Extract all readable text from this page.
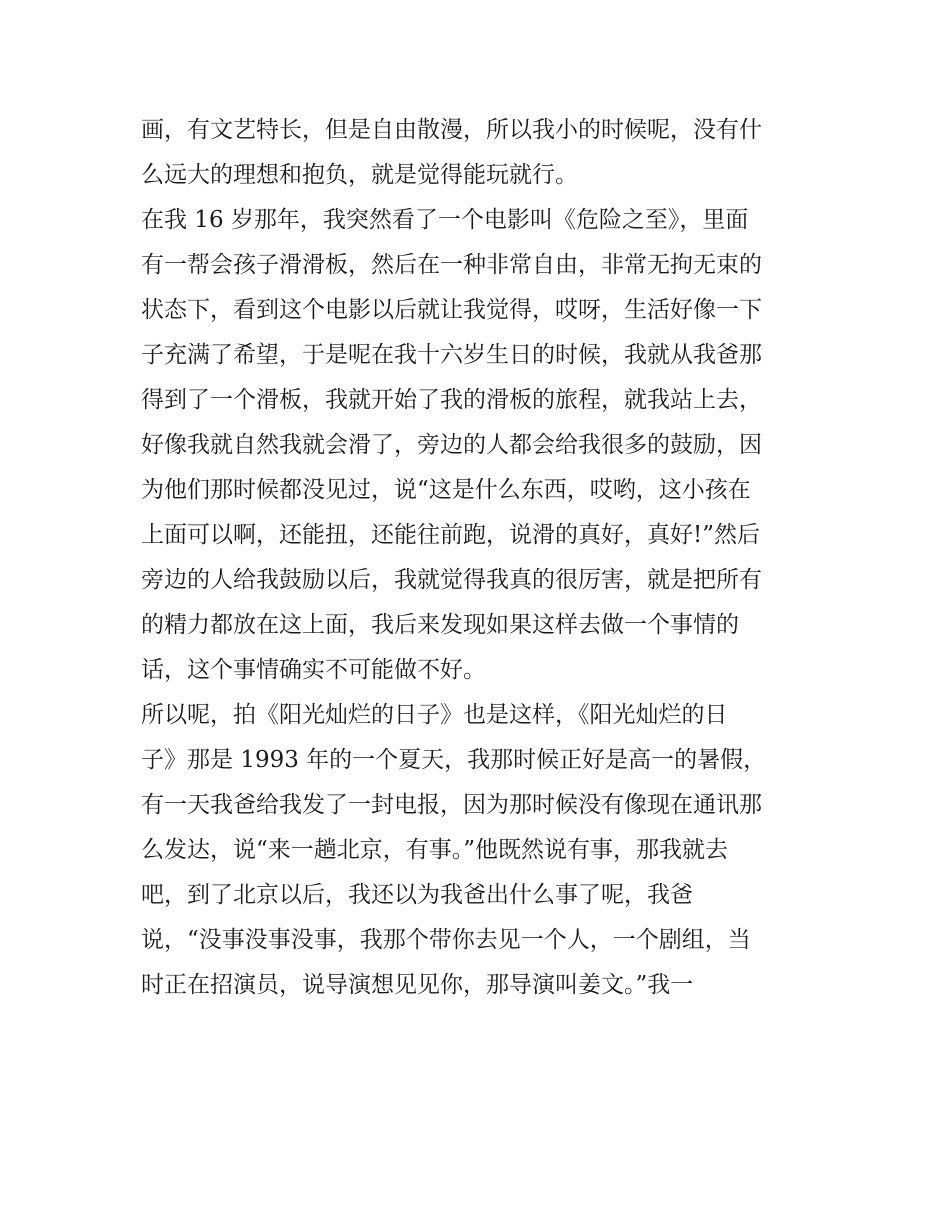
画，有文艺特长，但是自由散漫，所以我小的时候呢，没有什
么远大的理想和抱负，就是觉得能玩就行。
在我 16 岁那年，我突然看了一个电影叫《危险之至》，里面
有一帮会孩子滑滑板，然后在一种非常自由，非常无拘无束的
状态下，看到这个电影以后就让我觉得，哎呀，生活好像一下
子充满了希望，于是呢在我十六岁生日的时候，我就从我爸那
得到了一个滑板，我就开始了我的滑板的旅程，就我站上去，
好像我就自然我就会滑了，旁边的人都会给我很多的鼓励，因
为他们那时候都没见过，说“这是什么东西，哎哟，这小孩在
上面可以啊，还能扭，还能往前跑，说滑的真好，真好!”然后
旁边的人给我鼓励以后，我就觉得我真的很厉害，就是把所有
的精力都放在这上面，我后来发现如果这样去做一个事情的
话，这个事情确实不可能做不好。
所以呢，拍《阳光灿烂的日子》也是这样，《阳光灿烂的日
子》那是 1993 年的一个夏天，我那时候正好是高一的暑假，
有一天我爸给我发了一封电报，因为那时候没有像现在通讯那
么发达，说“来一趟北京，有事。”他既然说有事，那我就去
吧，到了北京以后，我还以为我爸出什么事了呢，我爸
说，“没事没事没事，我那个带你去见一个人，一个剧组，当
时正在招演员，说导演想见见你，那导演叫姜文。”我一
